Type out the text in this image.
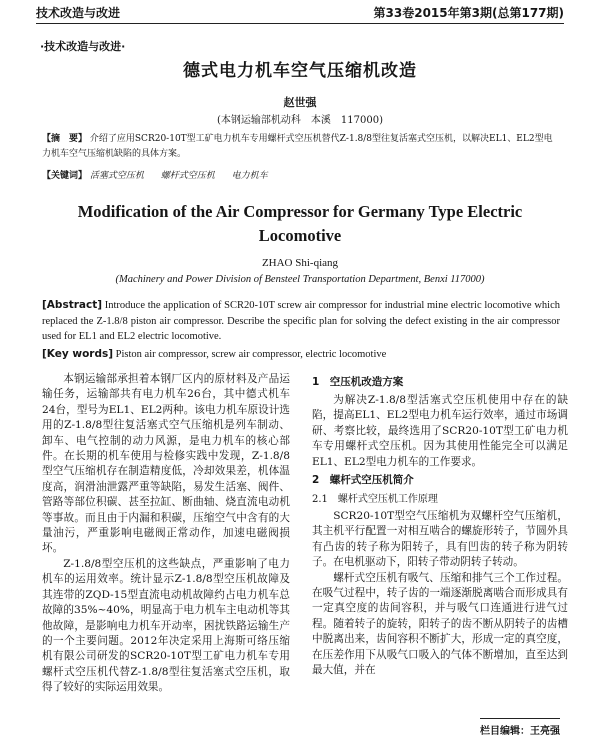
技术改造与改进	第33卷2015年第3期(总第177期)
·技术改造与改进·
德式电力机车空气压缩机改造
赵世强
(本钢运输部机动科　本溪　117000)
【摘　要】 介绍了应用SCR20-10T型工矿电力机车专用螺杆式空压机替代Z-1.8/8型往复活塞式空压机，以解决EL1、EL2型电力机车空气压缩机缺陷的具体方案。
【关键词】 活塞式空压机 螺杆式空压机 电力机车
Modification of the Air Compressor for Germany Type Electric Locomotive
ZHAO Shi-qiang
(Machinery and Power Division of Bensteel Transportation Department, Benxi 117000)
[Abstract] Introduce the application of SCR20-10T screw air compressor for industrial mine electric locomotive which replaced the Z-1.8/8 piston air compressor. Describe the specific plan for solving the defect existing in the air compressor used for EL1 and EL2 electric locomotive.
[Key words] Piston air compressor, screw air compressor, electric locomotive

本钢运输部承担着本钢厂区内的原材料及产品运输任务，运输部共有电力机车26台，其中德式机车24台，型号为EL1、EL2两种。该电力机车原设计选用的Z-1.8/8型往复活塞式空气压缩机是列车制动、卸车、电气控制的动力风源，是电力机车的核心部件。在长期的机车使用与检修实践中发现，Z-1.8/8型空气压缩机存在制造精度低，冷却效果差，机体温度高，润滑油泄露严重等缺陷，易发生活塞、阀件、管路等部位积碳、甚至拉缸、断曲轴、烧直流电动机等事故。而且由于内漏和积碳，压缩空气中含有的大量油污，严重影响电磁阀正常动作，加速电磁阀损坏。

Z-1.8/8型空压机的这些缺点，严重影响了电力机车的运用效率。统计显示Z-1.8/8型空压机故障及其连带的ZQD-15型直流电动机故障约占电力机车总故障的35%~40%，明显高于电力机车主电动机等其他故障，是影响电力机车开动率，困扰铁路运输生产的一个主要问题。2012年决定采用上海斯可络压缩机有限公司研发的SCR20-10T型工矿电力机车专用螺杆式空压机代替Z-1.8/8型往复活塞式空压机，取得了较好的实际运用效果。

1　空压机改造方案

为解决Z-1.8/8型活塞式空压机使用中存在的缺陷，提高EL1、EL2型电力机车运行效率，通过市场调研、考察比较，最终选用了SCR20-10T型工矿电力机车专用螺杆式空压机。因为其使用性能完全可以满足EL1、EL2型电力机车的工作要求。

2　螺杆式空压机简介
2.1　螺杆式空压机工作原理

SCR20-10T型空气压缩机为双螺杆空气压缩机，其主机平行配置一对相互啮合的螺旋形转子，节圆外具有凸齿的转子称为阳转子，具有凹齿的转子称为阴转子。在电机驱动下，阳转子带动阴转子转动。

螺杆式空压机有吸气、压缩和排气三个工作过程。在吸气过程中，转子齿的一端逐渐脱离啮合而形成具有一定真空度的齿间容积，并与吸气口连通进行进气过程。随着转子的旋转，阳转子的齿不断从阴转子的齿槽中脱离出来，齿间容积不断扩大，形成一定的真空度，在压差作用下从吸气口吸入的气体不断增加，直至达到最大值，并在

栏目编辑：王亮强
